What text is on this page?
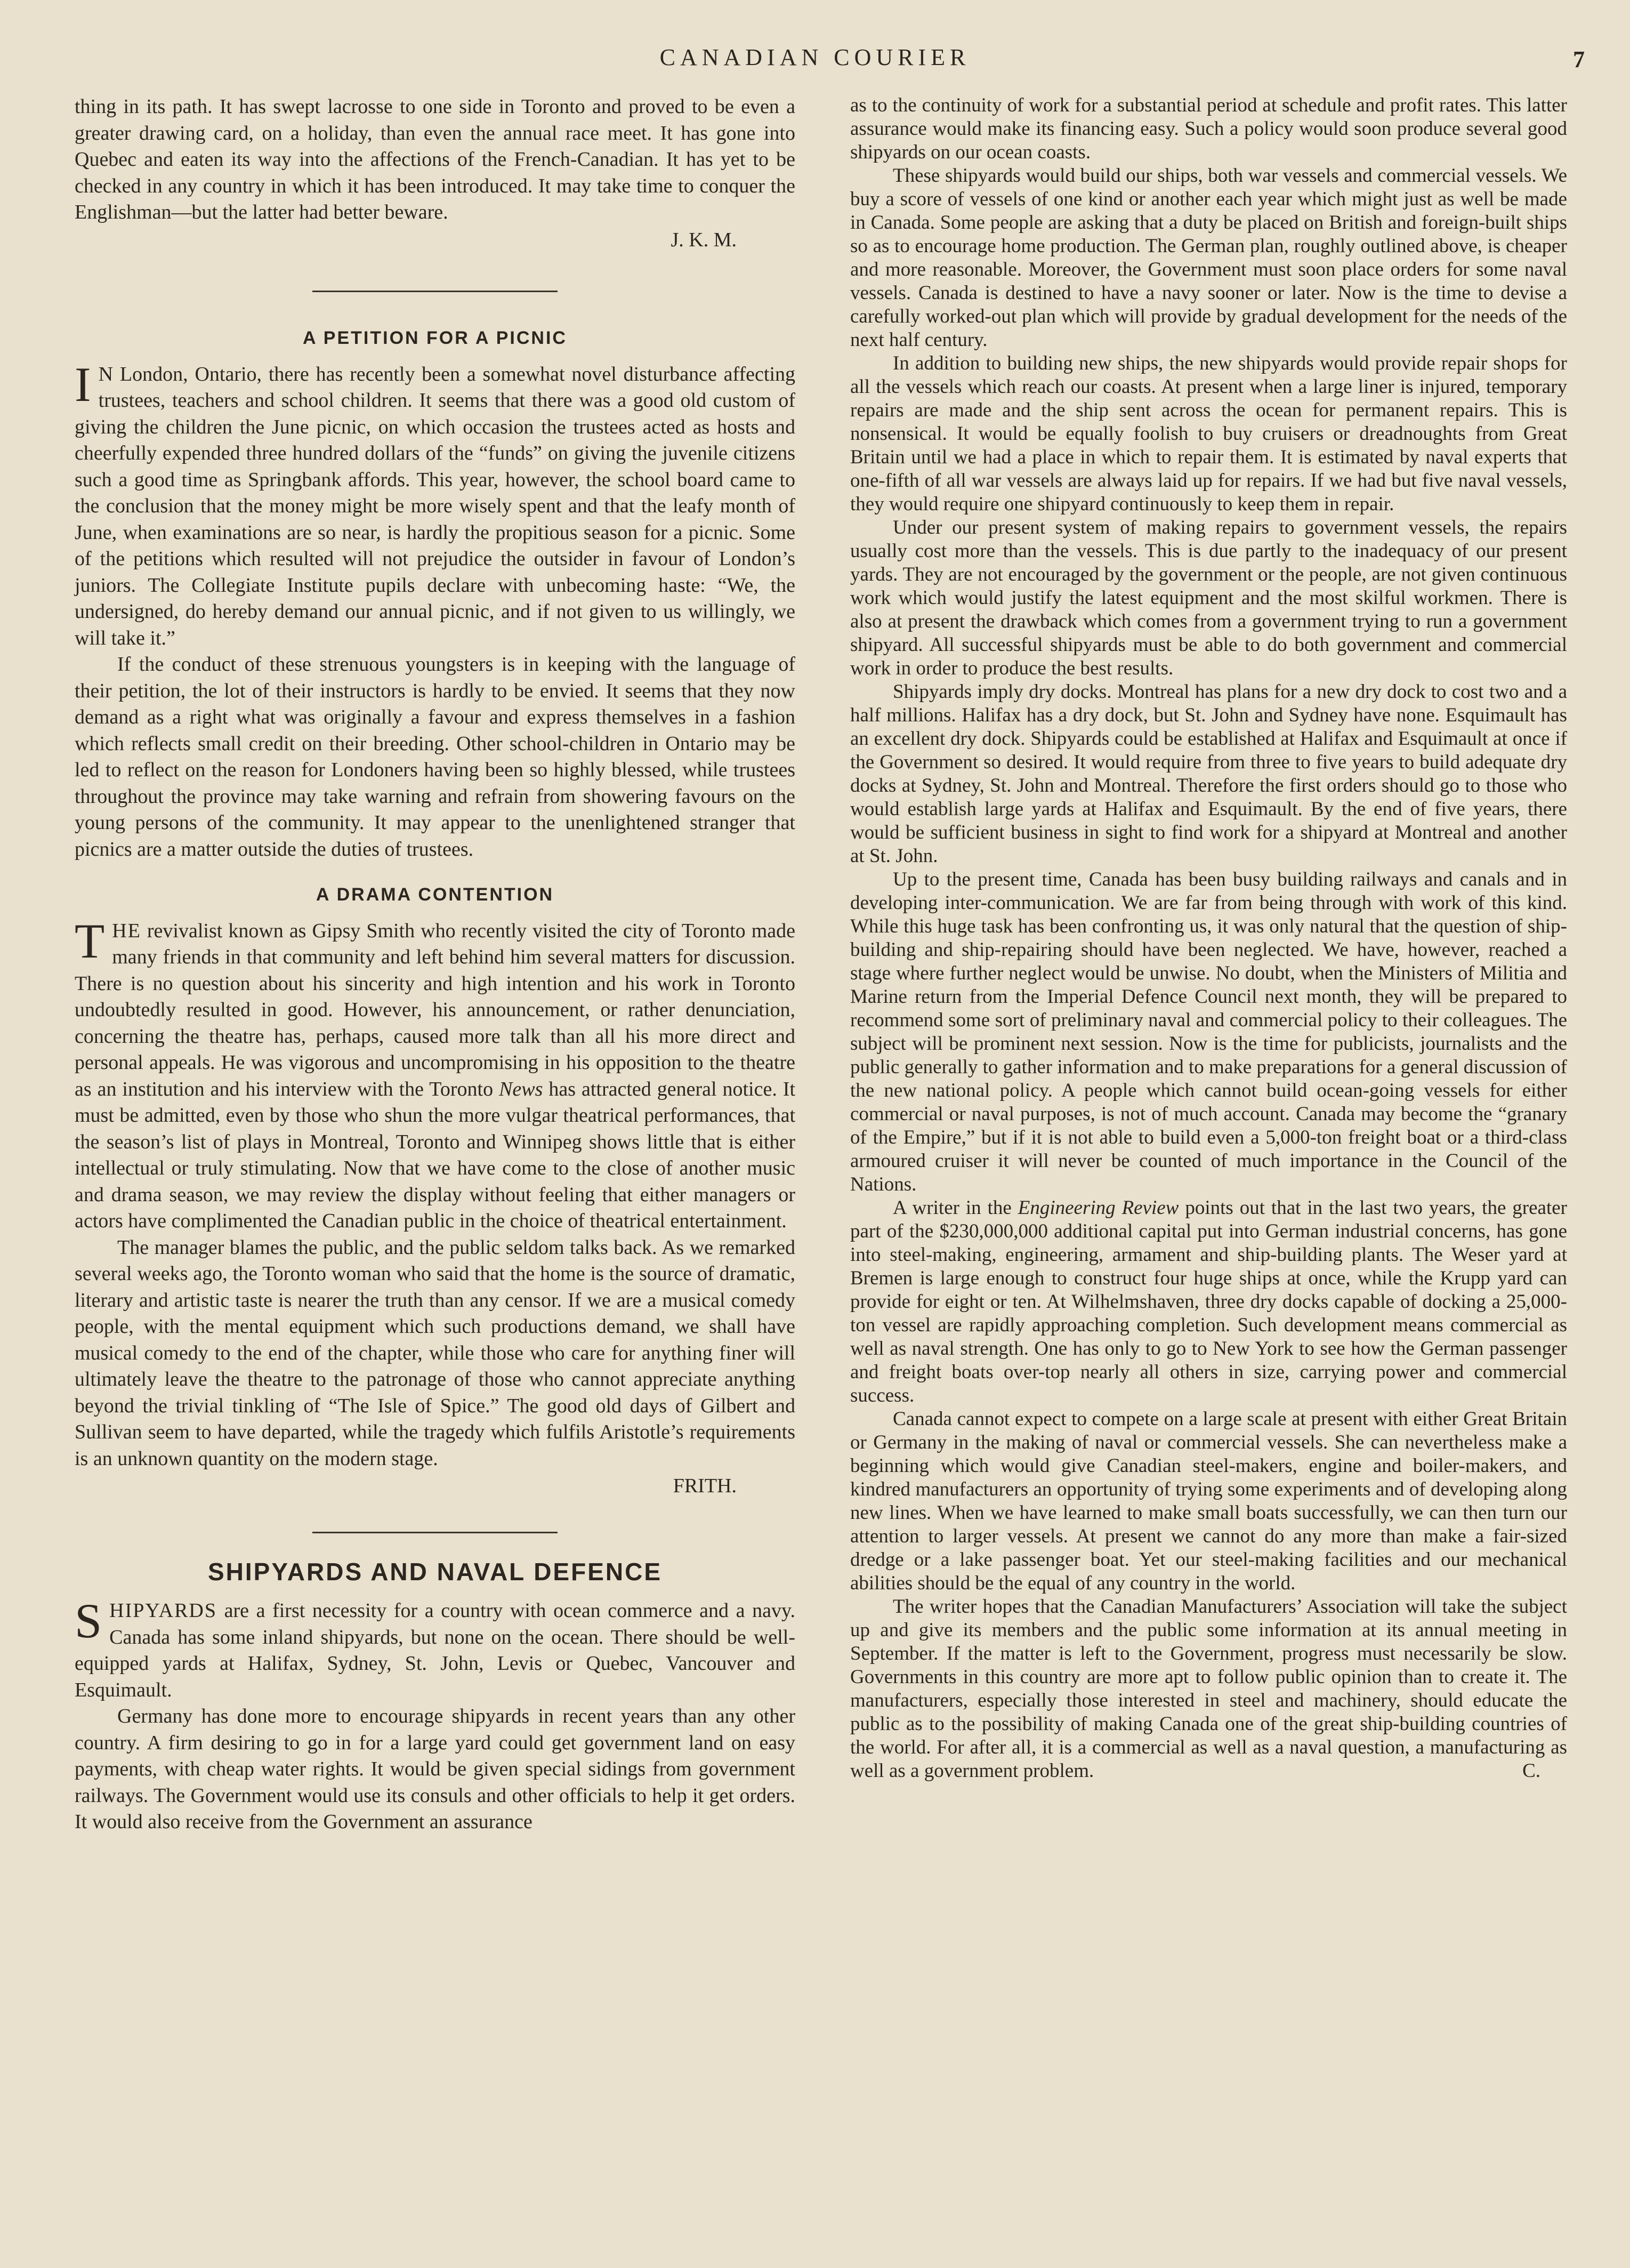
CANADIAN COURIER	7

thing in its path. It has swept lacrosse to one side in Toronto and proved to be even a greater drawing card, on a holiday, than even the annual race meet. It has gone into Quebec and eaten its way into the affections of the French-Canadian. It has yet to be checked in any country in which it has been introduced. It may take time to conquer the Englishman—but the latter had better beware.

J. K. M.
A PETITION FOR A PICNIC

I N London, Ontario, there has recently been a somewhat novel disturbance affecting trustees, teachers and school children. It seems that there was a good old custom of giving the children the June picnic, on which occasion the trustees acted as hosts and cheerfully expended three hundred dollars of the “funds” on giving the juvenile citizens such a good time as Springbank affords. This year, however, the school board came to the conclusion that the money might be more wisely spent and that the leafy month of June, when examinations are so near, is hardly the propitious season for a picnic. Some of the petitions which resulted will not prejudice the outsider in favour of London’s juniors. The Collegiate Institute pupils declare with unbecoming haste: “We, the undersigned, do hereby demand our annual picnic, and if not given to us willingly, we will take it.”

If the conduct of these strenuous youngsters is in keeping with the language of their petition, the lot of their instructors is hardly to be envied. It seems that they now demand as a right what was originally a favour and express themselves in a fashion which reflects small credit on their breeding. Other school-children in Ontario may be led to reflect on the reason for Londoners having been so highly blessed, while trustees throughout the province may take warning and refrain from showering favours on the young persons of the community. It may appear to the unenlightened stranger that picnics are a matter outside the duties of trustees.

A DRAMA CONTENTION

THE revivalist known as Gipsy Smith who recently visited the city of Toronto made many friends in that community and left behind him several matters for discussion. There is no question about his sincerity and high intention and his work in Toronto undoubtedly resulted in good. However, his announcement, or rather denunciation, concerning the theatre has, perhaps, caused more talk than all his more direct and personal appeals. He was vigorous and uncompromising in his opposition to the theatre as an institution and his interview with the Toronto News has attracted general notice. It must be admitted, even by those who shun the more vulgar theatrical performances, that the season’s list of plays in Montreal, Toronto and Winnipeg shows little that is either intellectual or truly stimulating. Now that we have come to the close of another music and drama season, we may review the display without feeling that either managers or actors have complimented the Canadian public in the choice of theatrical entertainment.

The manager blames the public, and the public seldom talks back. As we remarked several weeks ago, the Toronto woman who said that the home is the source of dramatic, literary and artistic taste is nearer the truth than any censor. If we are a musical comedy people, with the mental equipment which such productions demand, we shall have musical comedy to the end of the chapter, while those who care for anything finer will ultimately leave the theatre to the patronage of those who cannot appreciate anything beyond the trivial tinkling of “The Isle of Spice.” The good old days of Gilbert and Sullivan seem to have departed, while the tragedy which fulfils Aristotle’s requirements is an unknown quantity on the modern stage.

FRITH.
SHIPYARDS AND NAVAL DEFENCE

SHIPYARDS are a first necessity for a country with ocean commerce and a navy. Canada has some inland shipyards, but none on the ocean. There should be well-equipped yards at Halifax, Sydney, St. John, Levis or Quebec, Vancouver and Esquimault.

Germany has done more to encourage shipyards in recent years than any other country. A firm desiring to go in for a large yard could get government land on easy payments, with cheap water rights. It would be given special sidings from government railways. The Government would use its consuls and other officials to help it get orders. It would also receive from the Government an assurance

as to the continuity of work for a substantial period at schedule and profit rates. This latter assurance would make its financing easy. Such a policy would soon produce several good shipyards on our ocean coasts.

These shipyards would build our ships, both war vessels and commercial vessels. We buy a score of vessels of one kind or another each year which might just as well be made in Canada. Some people are asking that a duty be placed on British and foreign-built ships so as to encourage home production. The German plan, roughly outlined above, is cheaper and more reasonable. Moreover, the Government must soon place orders for some naval vessels. Canada is destined to have a navy sooner or later. Now is the time to devise a carefully worked-out plan which will provide by gradual development for the needs of the next half century.

In addition to building new ships, the new shipyards would provide repair shops for all the vessels which reach our coasts. At present when a large liner is injured, temporary repairs are made and the ship sent across the ocean for permanent repairs. This is nonsensical. It would be equally foolish to buy cruisers or dreadnoughts from Great Britain until we had a place in which to repair them. It is estimated by naval experts that one-fifth of all war vessels are always laid up for repairs. If we had but five naval vessels, they would require one shipyard continuously to keep them in repair.

Under our present system of making repairs to government vessels, the repairs usually cost more than the vessels. This is due partly to the inadequacy of our present yards. They are not encouraged by the government or the people, are not given continuous work which would justify the latest equipment and the most skilful workmen. There is also at present the drawback which comes from a government trying to run a government shipyard. All successful shipyards must be able to do both government and commercial work in order to produce the best results.

Shipyards imply dry docks. Montreal has plans for a new dry dock to cost two and a half millions. Halifax has a dry dock, but St. John and Sydney have none. Esquimault has an excellent dry dock. Shipyards could be established at Halifax and Esquimault at once if the Government so desired. It would require from three to five years to build adequate dry docks at Sydney, St. John and Montreal. Therefore the first orders should go to those who would establish large yards at Halifax and Esquimault. By the end of five years, there would be sufficient business in sight to find work for a shipyard at Montreal and another at St. John.

Up to the present time, Canada has been busy building railways and canals and in developing inter-communication. We are far from being through with work of this kind. While this huge task has been confronting us, it was only natural that the question of ship-building and ship-repairing should have been neglected. We have, however, reached a stage where further neglect would be unwise. No doubt, when the Ministers of Militia and Marine return from the Imperial Defence Council next month, they will be prepared to recommend some sort of preliminary naval and commercial policy to their colleagues. The subject will be prominent next session. Now is the time for publicists, journalists and the public generally to gather information and to make preparations for a general discussion of the new national policy. A people which cannot build ocean-going vessels for either commercial or naval purposes, is not of much account. Canada may become the “granary of the Empire,” but if it is not able to build even a 5,000-ton freight boat or a third-class armoured cruiser it will never be counted of much importance in the Council of the Nations.

A writer in the Engineering Review points out that in the last two years, the greater part of the $230,000,000 additional capital put into German industrial concerns, has gone into steel-making, engineering, armament and ship-building plants. The Weser yard at Bremen is large enough to construct four huge ships at once, while the Krupp yard can provide for eight or ten. At Wilhelmshaven, three dry docks capable of docking a 25,000-ton vessel are rapidly approaching completion. Such development means commercial as well as naval strength. One has only to go to New York to see how the German passenger and freight boats over-top nearly all others in size, carrying power and commercial success.

Canada cannot expect to compete on a large scale at present with either Great Britain or Germany in the making of naval or commercial vessels. She can nevertheless make a beginning which would give Canadian steel-makers, engine and boiler-makers, and kindred manufacturers an opportunity of trying some experiments and of developing along new lines. When we have learned to make small boats successfully, we can then turn our attention to larger vessels. At present we cannot do any more than make a fair-sized dredge or a lake passenger boat. Yet our steel-making facilities and our mechanical abilities should be the equal of any country in the world.

The writer hopes that the Canadian Manufacturers’ Association will take the subject up and give its members and the public some information at its annual meeting in September. If the matter is left to the Government, progress must necessarily be slow. Governments in this country are more apt to follow public opinion than to create it. The manufacturers, especially those interested in steel and machinery, should educate the public as to the possibility of making Canada one of the great ship-building countries of the world. For after all, it is a commercial as well as a naval question, a manufacturing as well as a government problem.	C.
